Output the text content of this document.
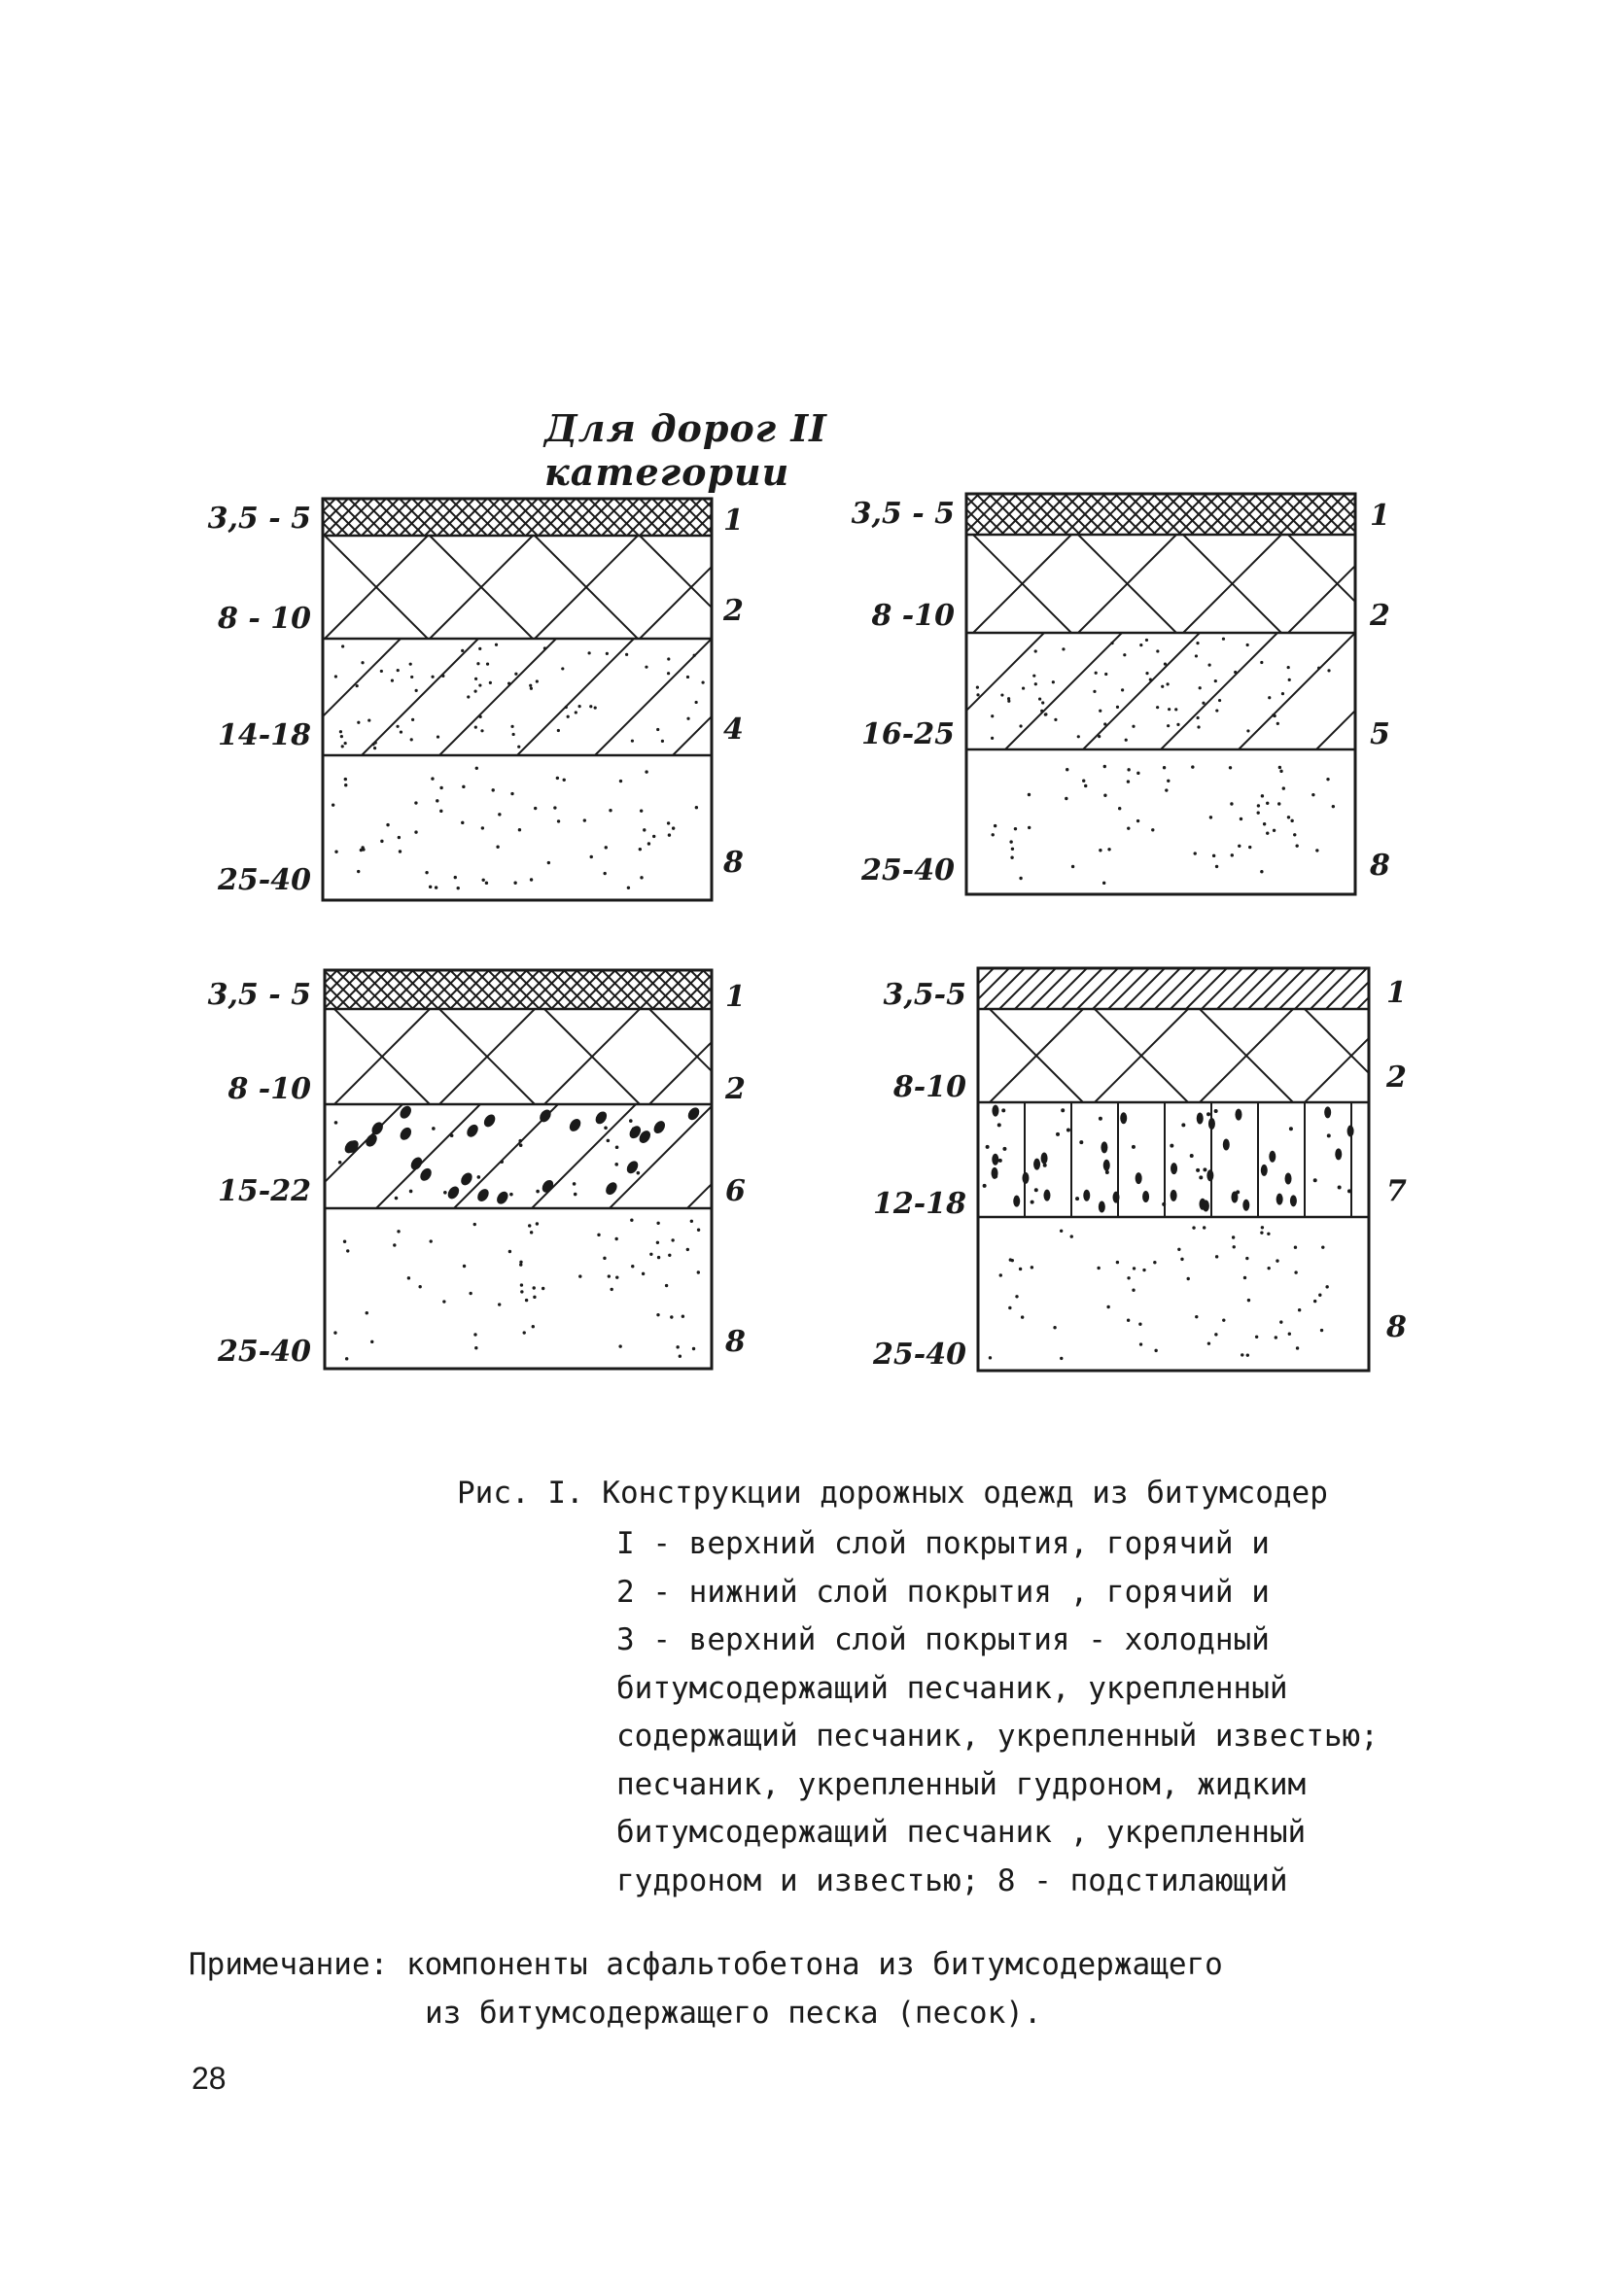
Для дорог II категории
3,5 - 5
8 - 10
14-18
25-40
1
2
4
8
3,5 - 5
8 -10
16-25
25-40
1
2
5
8
3,5 - 5
8 -10
15-22
25-40
1
2
6
8
3,5-5
8-10
12-18
25-40
1
2
7
8
Рис. I. Конструкции дорожных одежд из битумсодер
I - верхний слой покрытия, горячий и
2 - нижний слой покрытия , горячий и
3 - верхний слой покрытия - холодный
битумсодержащий песчаник, укрепленный
содержащий песчаник, укрепленный известью;
песчаник, укрепленный гудроном, жидким
битумсодержащий песчаник , укрепленный
гудроном и известью; 8 - подстилающий
Примечание: компоненты асфальтобетона из битумсодержащего
из битумсодержащего песка (песок).
28
